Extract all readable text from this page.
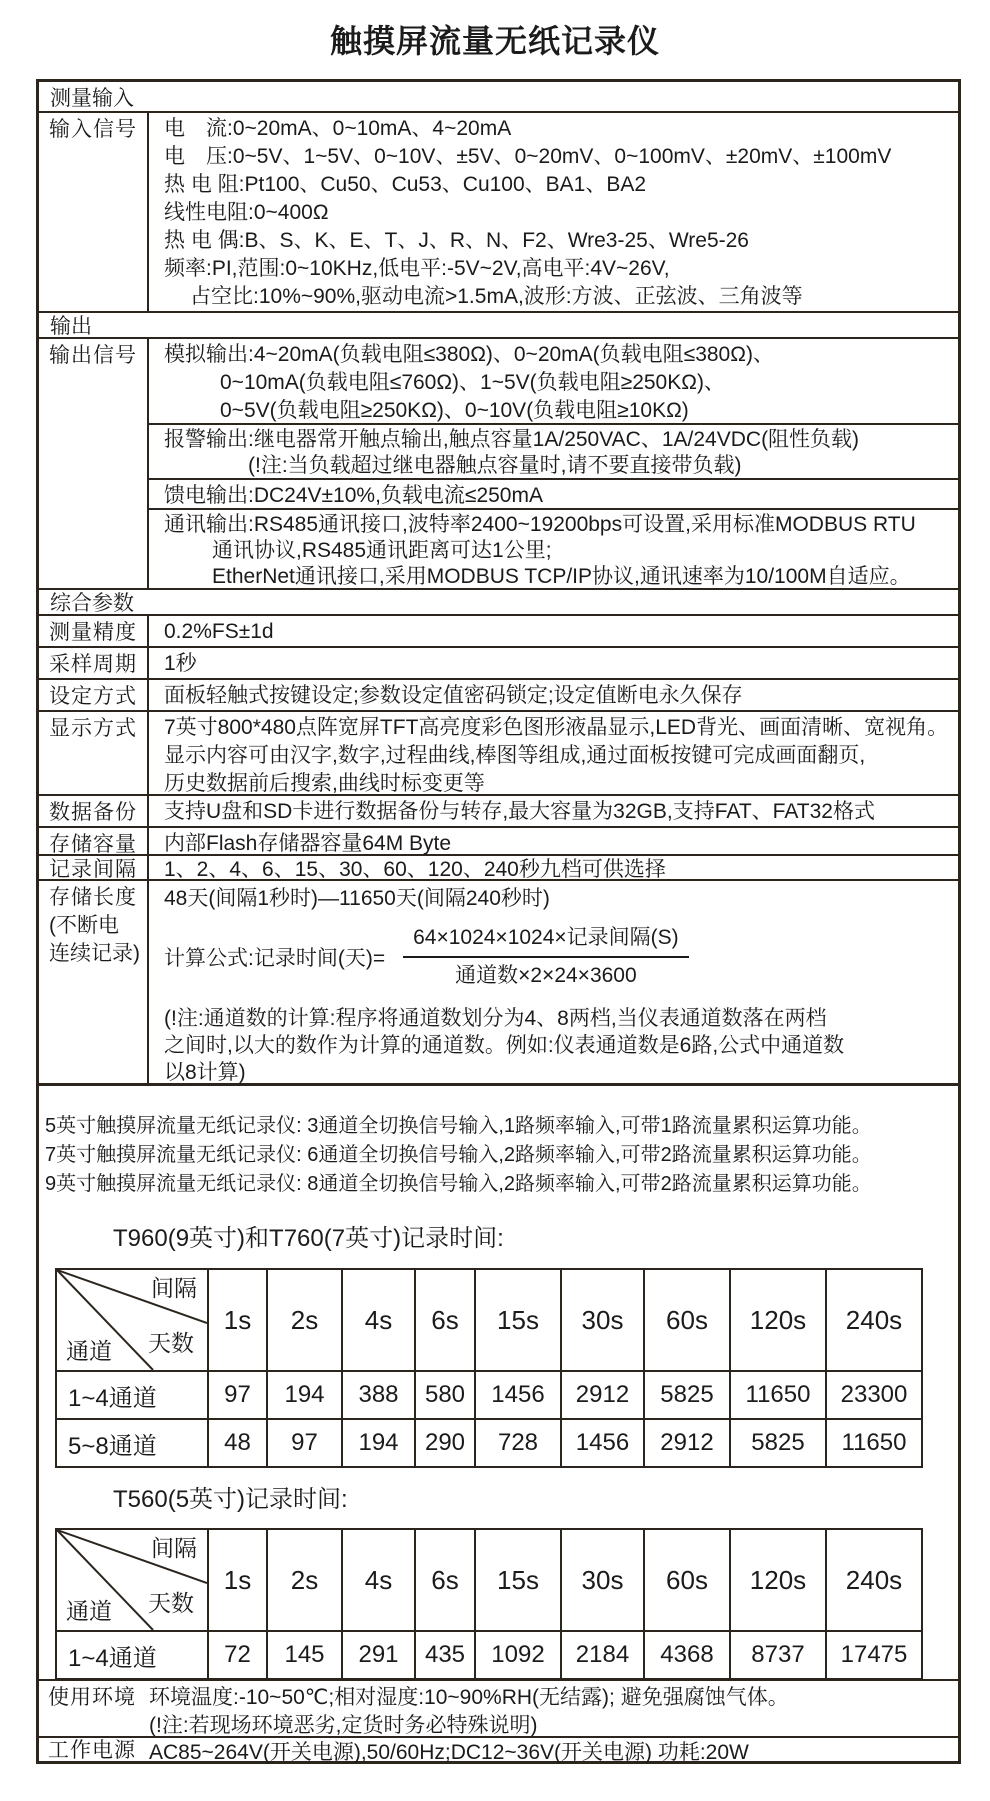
触摸屏流量无纸记录仪
测量输入
输入信号	电　流:0~20mA、0~10mA、4~20mA
电　压:0~5V、1~5V、0~10V、±5V、0~20mV、0~100mV、±20mV、±100mV
热 电 阻:Pt100、Cu50、Cu53、Cu100、BA1、BA2
线性电阻:0~400Ω
热 电 偶:B、S、K、E、T、J、R、N、F2、Wre3-25、Wre5-26
频率:PI,范围:0~10KHz,低电平:-5V~2V,高电平:4V~26V,
占空比:10%~90%,驱动电流>1.5mA,波形:方波、正弦波、三角波等
输出
输出信号	模拟输出:4~20mA(负载电阻≤380Ω)、0~20mA(负载电阻≤380Ω)、
0~10mA(负载电阻≤760Ω)、1~5V(负载电阻≥250KΩ)、
0~5V(负载电阻≥250KΩ)、0~10V(负载电阻≥10KΩ)
报警输出:继电器常开触点输出,触点容量1A/250VAC、1A/24VDC(阻性负载)
(!注:当负载超过继电器触点容量时,请不要直接带负载)
馈电输出:DC24V±10%,负载电流≤250mA
通讯输出:RS485通讯接口,波特率2400~19200bps可设置,采用标准MODBUS RTU
通讯协议,RS485通讯距离可达1公里;
EtherNet通讯接口,采用MODBUS TCP/IP协议,通讯速率为10/100M自适应。
综合参数
测量精度	0.2%FS±1d
采样周期	1秒
设定方式	面板轻触式按键设定;参数设定值密码锁定;设定值断电永久保存
显示方式	7英寸800*480点阵宽屏TFT高亮度彩色图形液晶显示,LED背光、画面清晰、宽视角。
显示内容可由汉字,数字,过程曲线,棒图等组成,通过面板按键可完成画面翻页,
历史数据前后搜索,曲线时标变更等
数据备份	支持U盘和SD卡进行数据备份与转存,最大容量为32GB,支持FAT、FAT32格式
存储容量	内部Flash存储器容量64M Byte
记录间隔	1、2、4、6、15、30、60、120、240秒九档可供选择
存储长度
(不断电
连续记录)
48天(间隔1秒时)—11650天(间隔240秒时)
计算公式:记录时间(天)= $\frac{\text{64×1024×1024×记录间隔(S)}}{\text{通道数×2×24×3600}}$
(!注:通道数的计算:程序将通道数划分为4、8两档,当仪表通道数落在两档
之间时,以大的数作为计算的通道数。例如:仪表通道数是6路,公式中通道数
以8计算)
5英寸触摸屏流量无纸记录仪: 3通道全切换信号输入,1路频率输入,可带1路流量累积运算功能。
7英寸触摸屏流量无纸记录仪: 6通道全切换信号输入,2路频率输入,可带2路流量累积运算功能。
9英寸触摸屏流量无纸记录仪: 8通道全切换信号输入,2路频率输入,可带2路流量累积运算功能。
T960(9英寸)和T760(7英寸)记录时间:
间隔
天数
通道	1s	2s	4s	6s	15s	30s	60s	120s	240s
1~4通道	97	194	388	580	1456	2912	5825	11650	23300
5~8通道	48	97	194	290	728	1456	2912	5825	11650
T560(5英寸)记录时间:
间隔
天数
通道	1s	2s	4s	6s	15s	30s	60s	120s	240s
1~4通道	72	145	291	435	1092	2184	4368	8737	17475
使用环境 环境温度:-10~50℃;相对湿度:10~90%RH(无结露); 避免强腐蚀气体。
(!注:若现场环境恶劣,定货时务必特殊说明)
工作电源 AC85~264V(开关电源),50/60Hz;DC12~36V(开关电源) 功耗:20W
